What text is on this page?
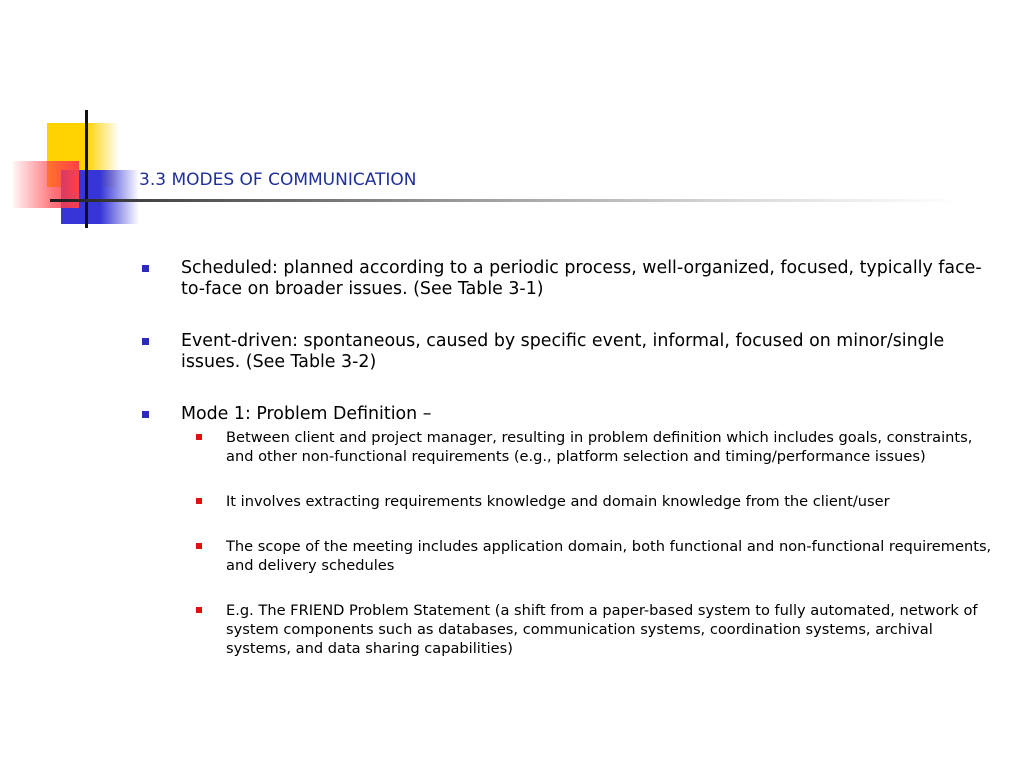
3.3 MODES OF COMMUNICATION
Scheduled: planned according to a periodic process, well-organized, focused, typically face-to-face on broader issues. (See Table 3-1)
Event-driven: spontaneous, caused by specific event, informal, focused on minor/single issues. (See Table 3-2)
Mode 1: Problem Definition –
Between client and project manager, resulting in problem definition which includes goals, constraints, and other non-functional requirements (e.g., platform selection and timing/performance issues)
It involves extracting requirements knowledge and domain knowledge from the client/user
The scope of the meeting includes application domain, both functional and non-functional requirements, and delivery schedules
E.g. The FRIEND Problem Statement (a shift from a paper-based system to fully automated, network of system components such as databases, communication systems, coordination systems, archival systems, and data sharing capabilities)
